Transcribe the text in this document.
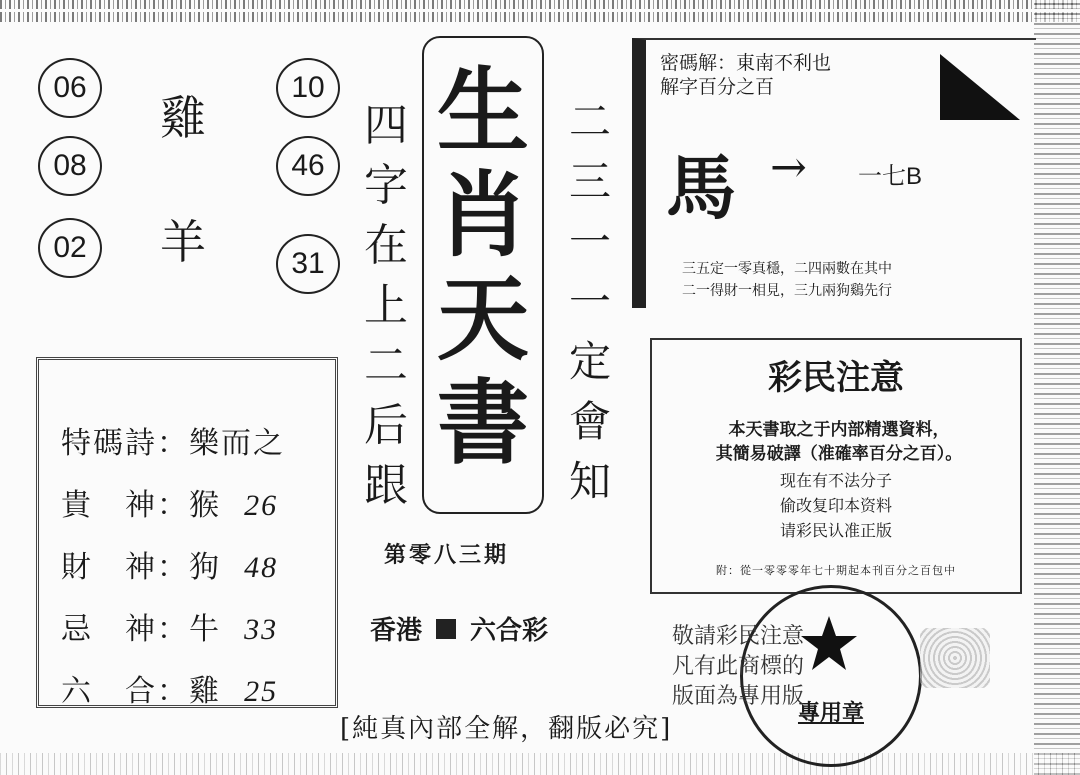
06
08
02
雞
羊
10
46
31
四
字
在
上
二
后
跟
生
肖
天
書
二
三
一
一
定
會
知
第零八三期
香港 六合彩
特碼詩：樂而之
貴　神：猴 26
財　神：狗 48
忌　神：牛 33
六　合：雞 25
密碼解：東南不利也
解字百分之百
馬 → 一七B
三五定一零真穩，二四兩數在其中
二一得財一相見，三九兩狗鷄先行
彩民注意
本天書取之于内部精選資料，
其簡易破譯（准確率百分之百）。
现在有不法分子
偷改复印本资料
请彩民认准正版
附：從一零零零年七十期起本刊百分之百包中
專用章
敬請彩民注意
凡有此商標的
版面為專用版
[純真內部全解，翻版必究]
